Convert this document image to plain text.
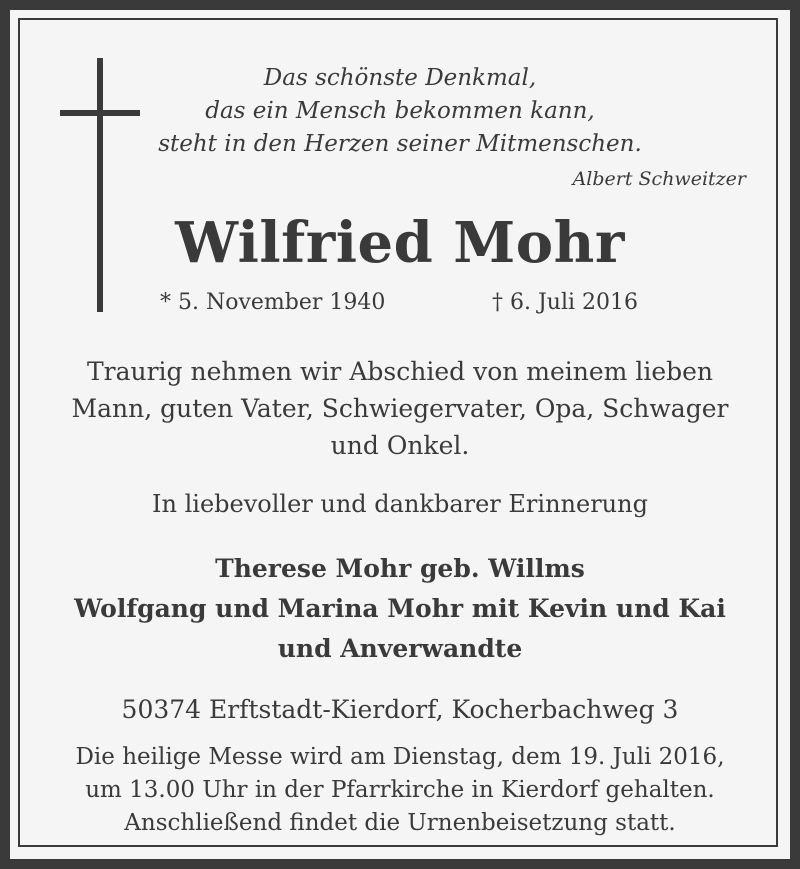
Das schönste Denkmal,
das ein Mensch bekommen kann,
steht in den Herzen seiner Mitmenschen.
Albert Schweitzer
Wilfried Mohr
* 5. November 1940	† 6. Juli 2016
Traurig nehmen wir Abschied von meinem lieben
Mann, guten Vater, Schwiegervater, Opa, Schwager
und Onkel.
In liebevoller und dankbarer Erinnerung
Therese Mohr geb. Willms
Wolfgang und Marina Mohr mit Kevin und Kai
und Anverwandte
50374 Erftstadt-Kierdorf, Kocherbachweg 3
Die heilige Messe wird am Dienstag, dem 19. Juli 2016,
um 13.00 Uhr in der Pfarrkirche in Kierdorf gehalten.
Anschließend findet die Urnenbeisetzung statt.
